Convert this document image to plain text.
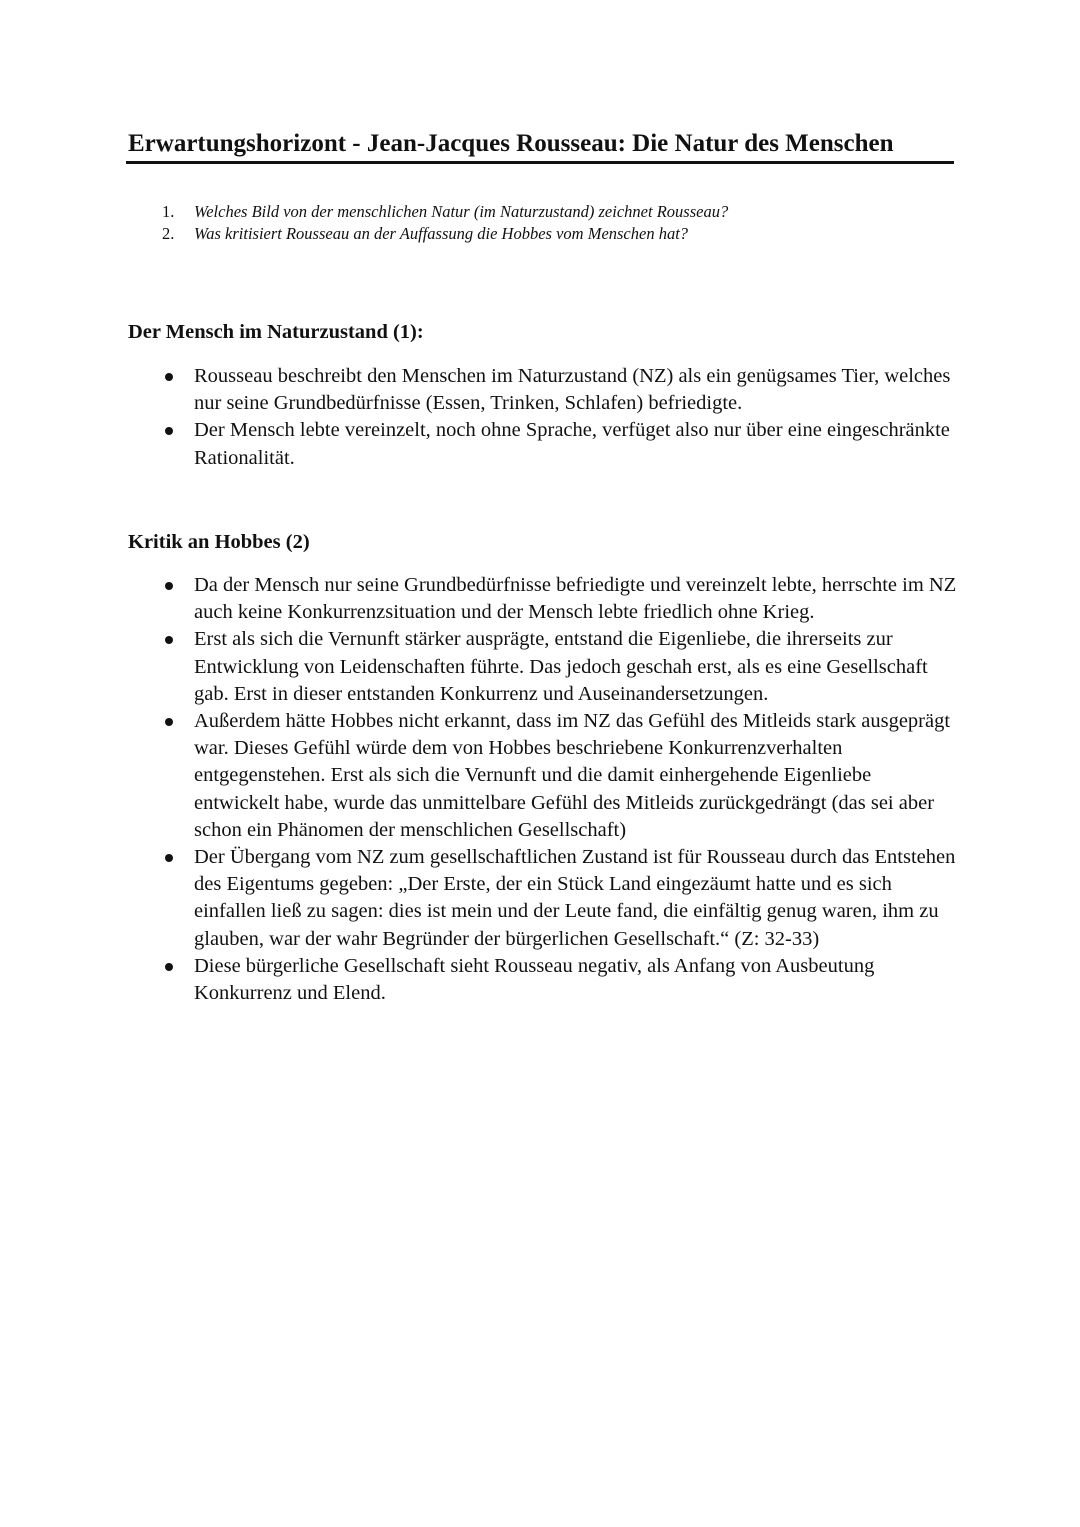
Erwartungshorizont - Jean-Jacques Rousseau: Die Natur des Menschen
1. Welches Bild von der menschlichen Natur (im Naturzustand) zeichnet Rousseau?
2. Was kritisiert Rousseau an der Auffassung die Hobbes vom Menschen hat?
Der Mensch im Naturzustand (1):
Rousseau beschreibt den Menschen im Naturzustand (NZ) als ein genügsames Tier, welches nur seine Grundbedürfnisse (Essen, Trinken, Schlafen) befriedigte.
Der Mensch lebte vereinzelt, noch ohne Sprache, verfüget also nur über eine eingeschränkte Rationalität.
Kritik an Hobbes (2)
Da der Mensch nur seine Grundbedürfnisse befriedigte und vereinzelt lebte, herrschte im NZ auch keine Konkurrenzsituation und der Mensch lebte friedlich ohne Krieg.
Erst als sich die Vernunft stärker ausprägte, entstand die Eigenliebe, die ihrerseits zur Entwicklung von Leidenschaften führte. Das jedoch geschah erst, als es eine Gesellschaft gab. Erst in dieser entstanden Konkurrenz und Auseinandersetzungen.
Außerdem hätte Hobbes nicht erkannt, dass im NZ das Gefühl des Mitleids stark ausgeprägt war. Dieses Gefühl würde dem von Hobbes beschriebene Konkurrenzverhalten entgegenstehen. Erst als sich die Vernunft und die damit einhergehende Eigenliebe entwickelt habe, wurde das unmittelbare Gefühl des Mitleids zurückgedrängt (das sei aber schon ein Phänomen der menschlichen Gesellschaft)
Der Übergang vom NZ zum gesellschaftlichen Zustand ist für Rousseau durch das Entstehen des Eigentums gegeben: „Der Erste, der ein Stück Land eingezäumt hatte und es sich einfallen ließ zu sagen: dies ist mein und der Leute fand, die einfältig genug waren, ihm zu glauben, war der wahr Begründer der bürgerlichen Gesellschaft.“ (Z: 32-33)
Diese bürgerliche Gesellschaft sieht Rousseau negativ, als Anfang von Ausbeutung Konkurrenz und Elend.
